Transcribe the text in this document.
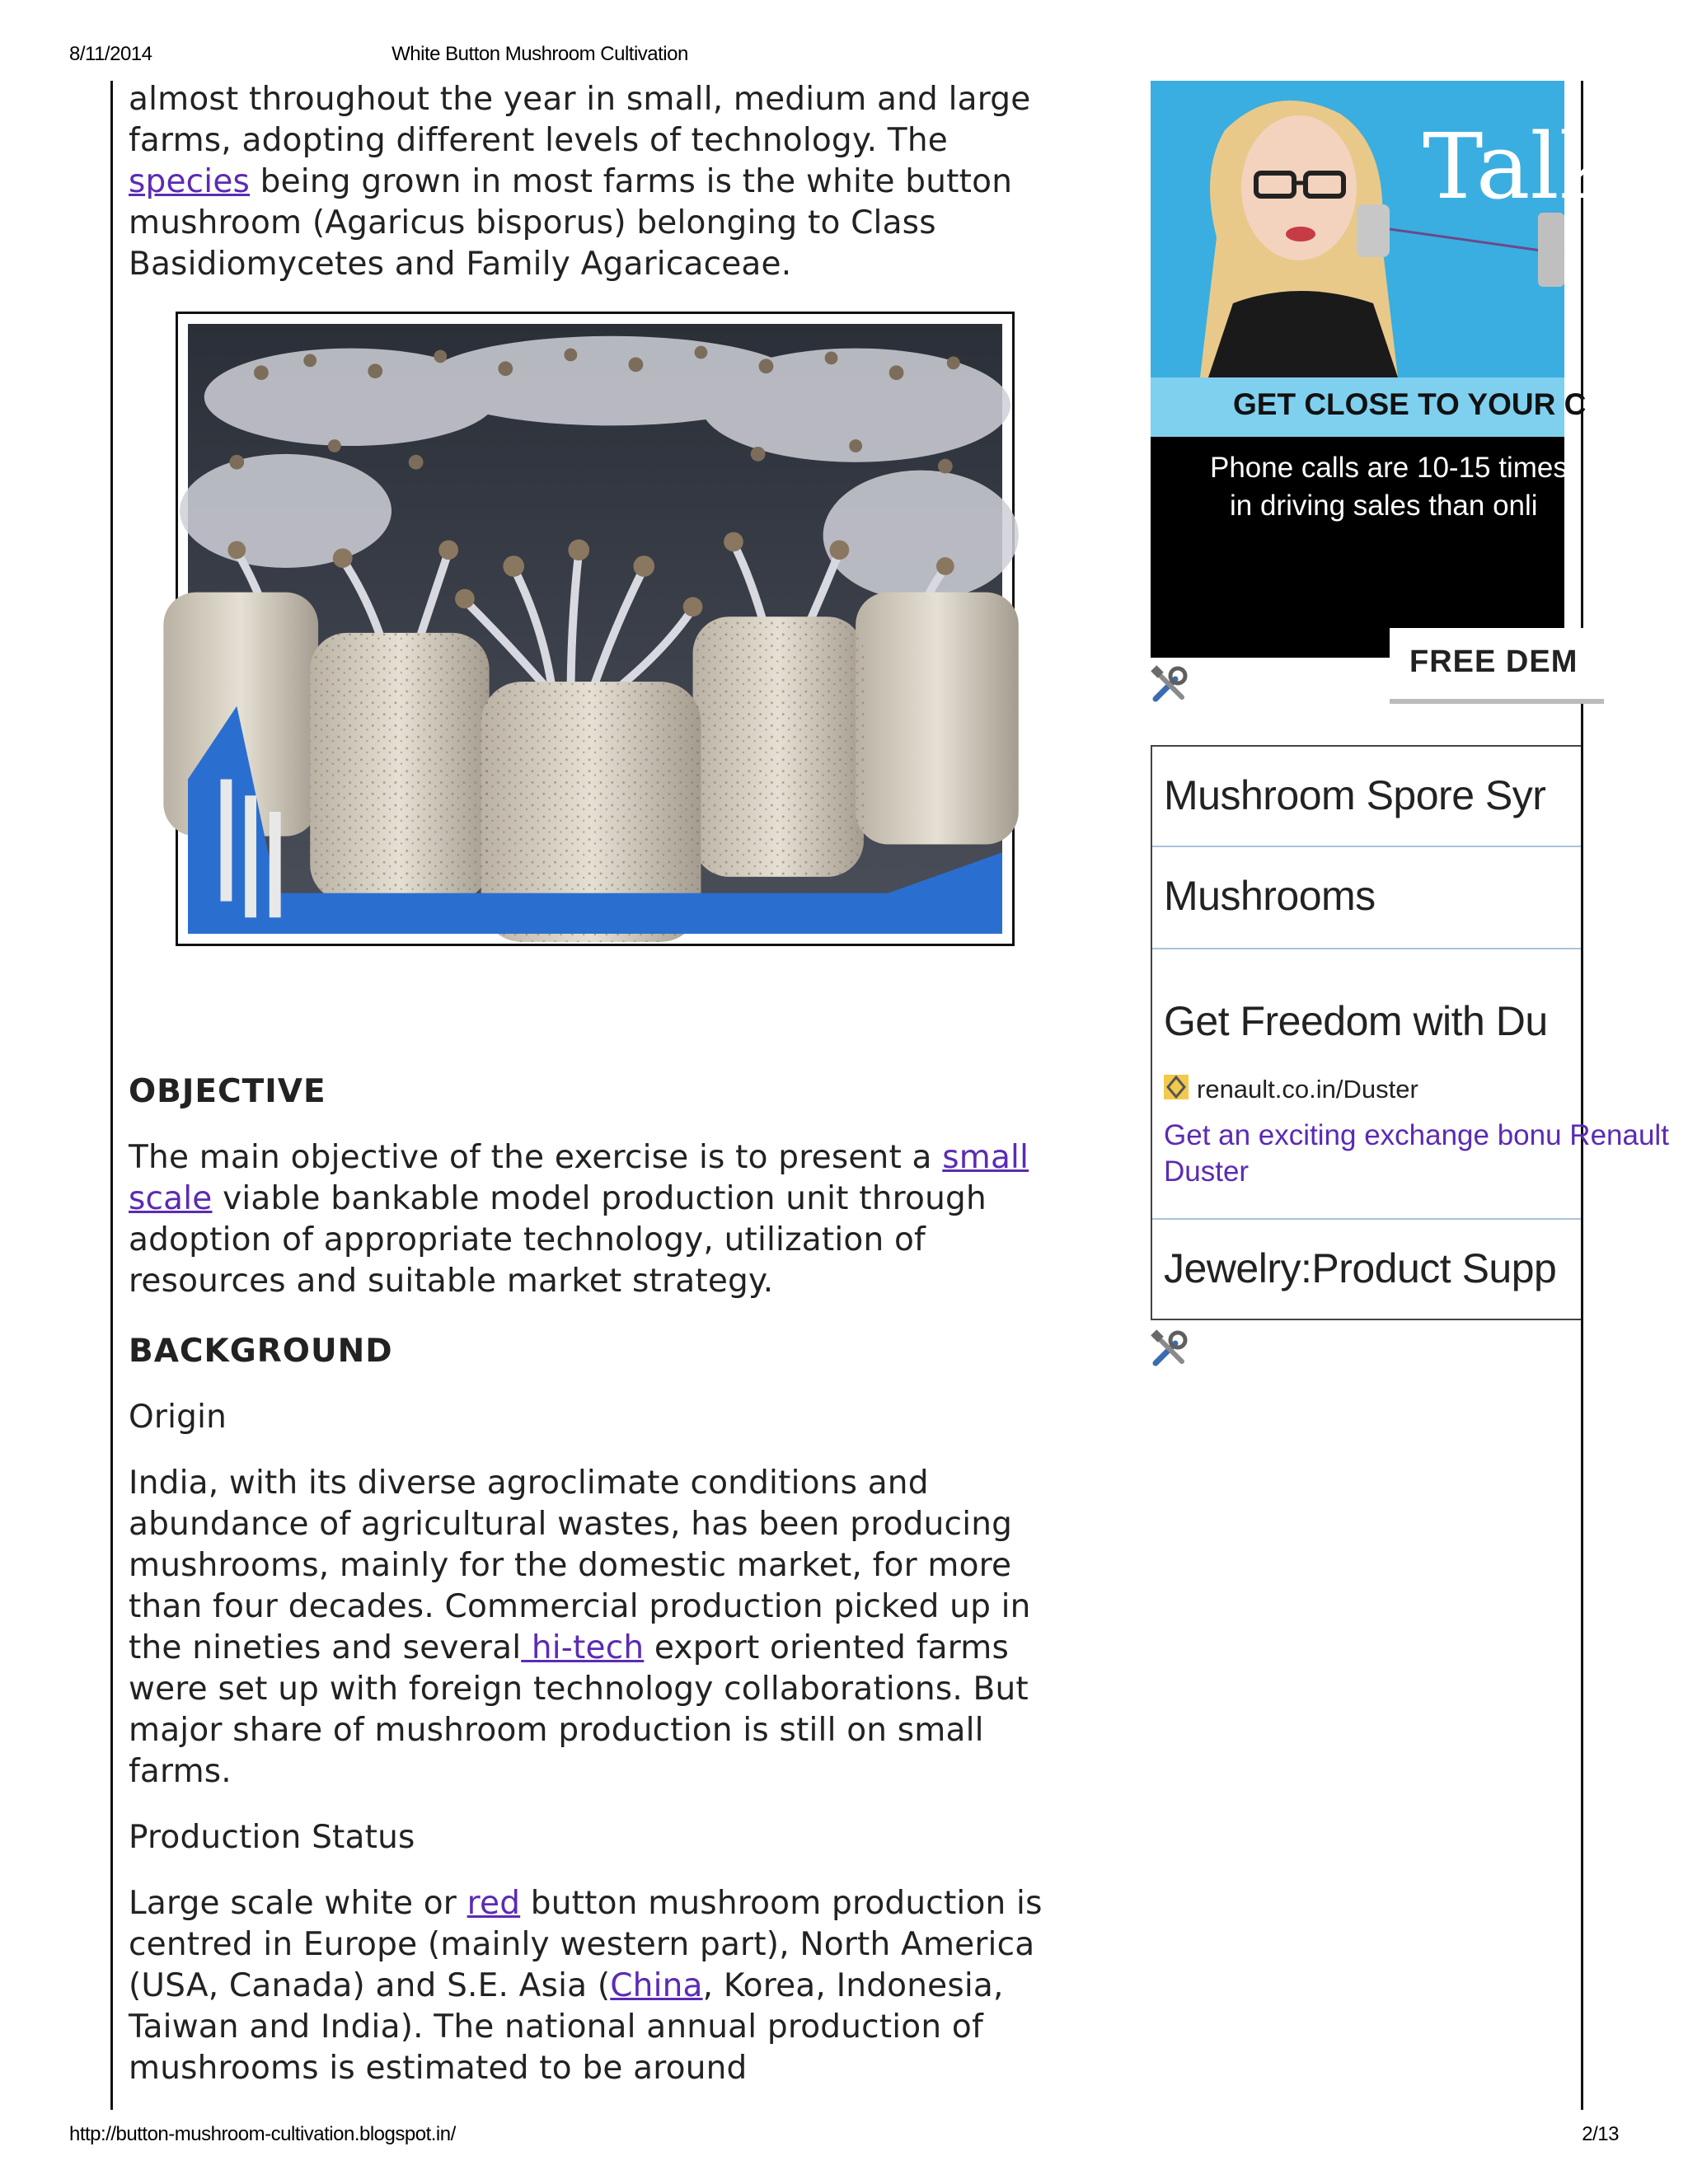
8/11/2014	White Button Mushroom Cultivation
http://button-mushroom-cultivation.blogspot.in/	2/13

almost throughout the year in small, medium and large farms, adopting different levels of technology. The species being grown in most farms is the white button mushroom (Agaricus bisporus) belonging to Class Basidiomycetes and Family Agaricaceae.

OBJECTIVE
The main objective of the exercise is to present a small scale viable bankable model production unit through adoption of appropriate technology, utilization of resources and suitable market strategy.
BACKGROUND
Origin
India, with its diverse agroclimate conditions and abundance of agricultural wastes, has been producing mushrooms, mainly for the domestic market, for more than four decades. Commercial production picked up in the nineties and several hi-tech export oriented farms were set up with foreign technology collaborations. But major share of mushroom production is still on small farms.
Production Status
Large scale white or red button mushroom production is centred in Europe (mainly western part), North America (USA, Canada) and S.E. Asia (China, Korea, Indonesia, Taiwan and India). The national annual production of mushrooms is estimated to be around
Talk
GET CLOSE TO YOUR C
Phone calls are 10-15 times
in driving sales than onli
FREE DEM
Mushroom Spore Syr
Mushrooms
Get Freedom with Du
renault.co.in/Duster
Get an exciting exchange bonu Renault Duster
Jewelry:Product Supp
